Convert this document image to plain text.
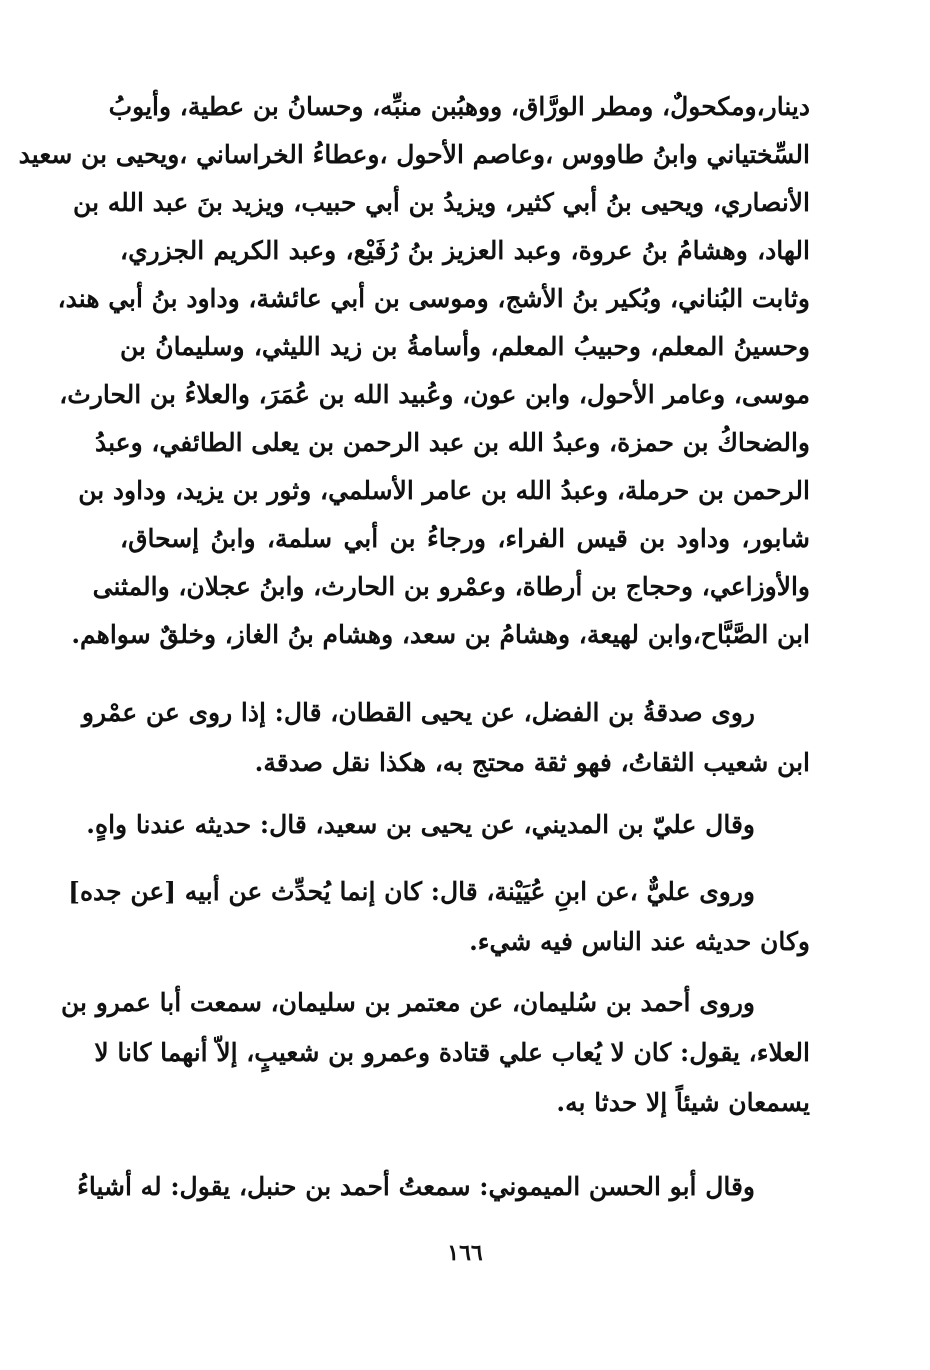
دينار،ومكحولٌ، ومطر الورَّاق، ووهبُبن منبِّه، وحسانُ بن عطية، وأيوبُ
السِّختياني وابنُ طاووس ،وعاصم الأحول ،وعطاءُ الخراساني ،ويحيى بن سعيد
الأنصاري، ويحيى بنُ أبي كثير، ويزيدُ بن أبي حبيب، ويزيد بنَ عبد الله بن
الهاد، وهشامُ بنُ عروة، وعبد العزيز بنُ رُفَيْع، وعبد الكريم الجزري،
وثابت البُناني، وبُكير بنُ الأشج، وموسى بن أبي عائشة، وداود بنُ أبي هند،
وحسينُ المعلم، وحبيبُ المعلم، وأسامةُ بن زيد الليثي، وسليمانُ بن
موسى، وعامر الأحول، وابن عون، وعُبيد الله بن عُمَرَ، والعلاءُ بن الحارث،
والضحاكُ بن حمزة، وعبدُ الله بن عبد الرحمن بن يعلى الطائفي، وعبدُ
الرحمن بن حرملة، وعبدُ الله بن عامر الأسلمي، وثور بن يزيد، وداود بن
شابور، وداود بن قيس الفراء، ورجاءُ بن أبي سلمة، وابنُ إسحاق،
والأوزاعي، وحجاج بن أرطاة، وعمْرو بن الحارث، وابنُ عجلان، والمثنى
ابن الصَّبَّاح،وابن لهيعة، وهشامُ بن سعد، وهشام بنُ الغاز، وخلقٌ سواهم.
روى صدقةُ بن الفضل، عن يحيى القطان، قال: إذا روى عن عمْرو
ابن شعيب الثقاتُ، فهو ثقة محتج به، هكذا نقل صدقة.
وقال عليّ بن المديني، عن يحيى بن سعيد، قال: حديثه عندنا واهٍ.
وروى عليٌّ ،عن ابنِ عُيَيْنة، قال: كان إنما يُحدِّث عن أبيه [عن جده]
وكان حديثه عند الناس فيه شيء.
وروى أحمد بن سُليمان، عن معتمر بن سليمان، سمعت أبا عمرو بن
العلاء، يقول: كان لا يُعاب علي قتادة وعمرو بن شعيبٍ، إلاّ أنهما كانا لا
يسمعان شيئاً إلا حدثا به.
وقال أبو الحسن الميموني: سمعتُ أحمد بن حنبل، يقول: له أشياءُ
١٦٦
